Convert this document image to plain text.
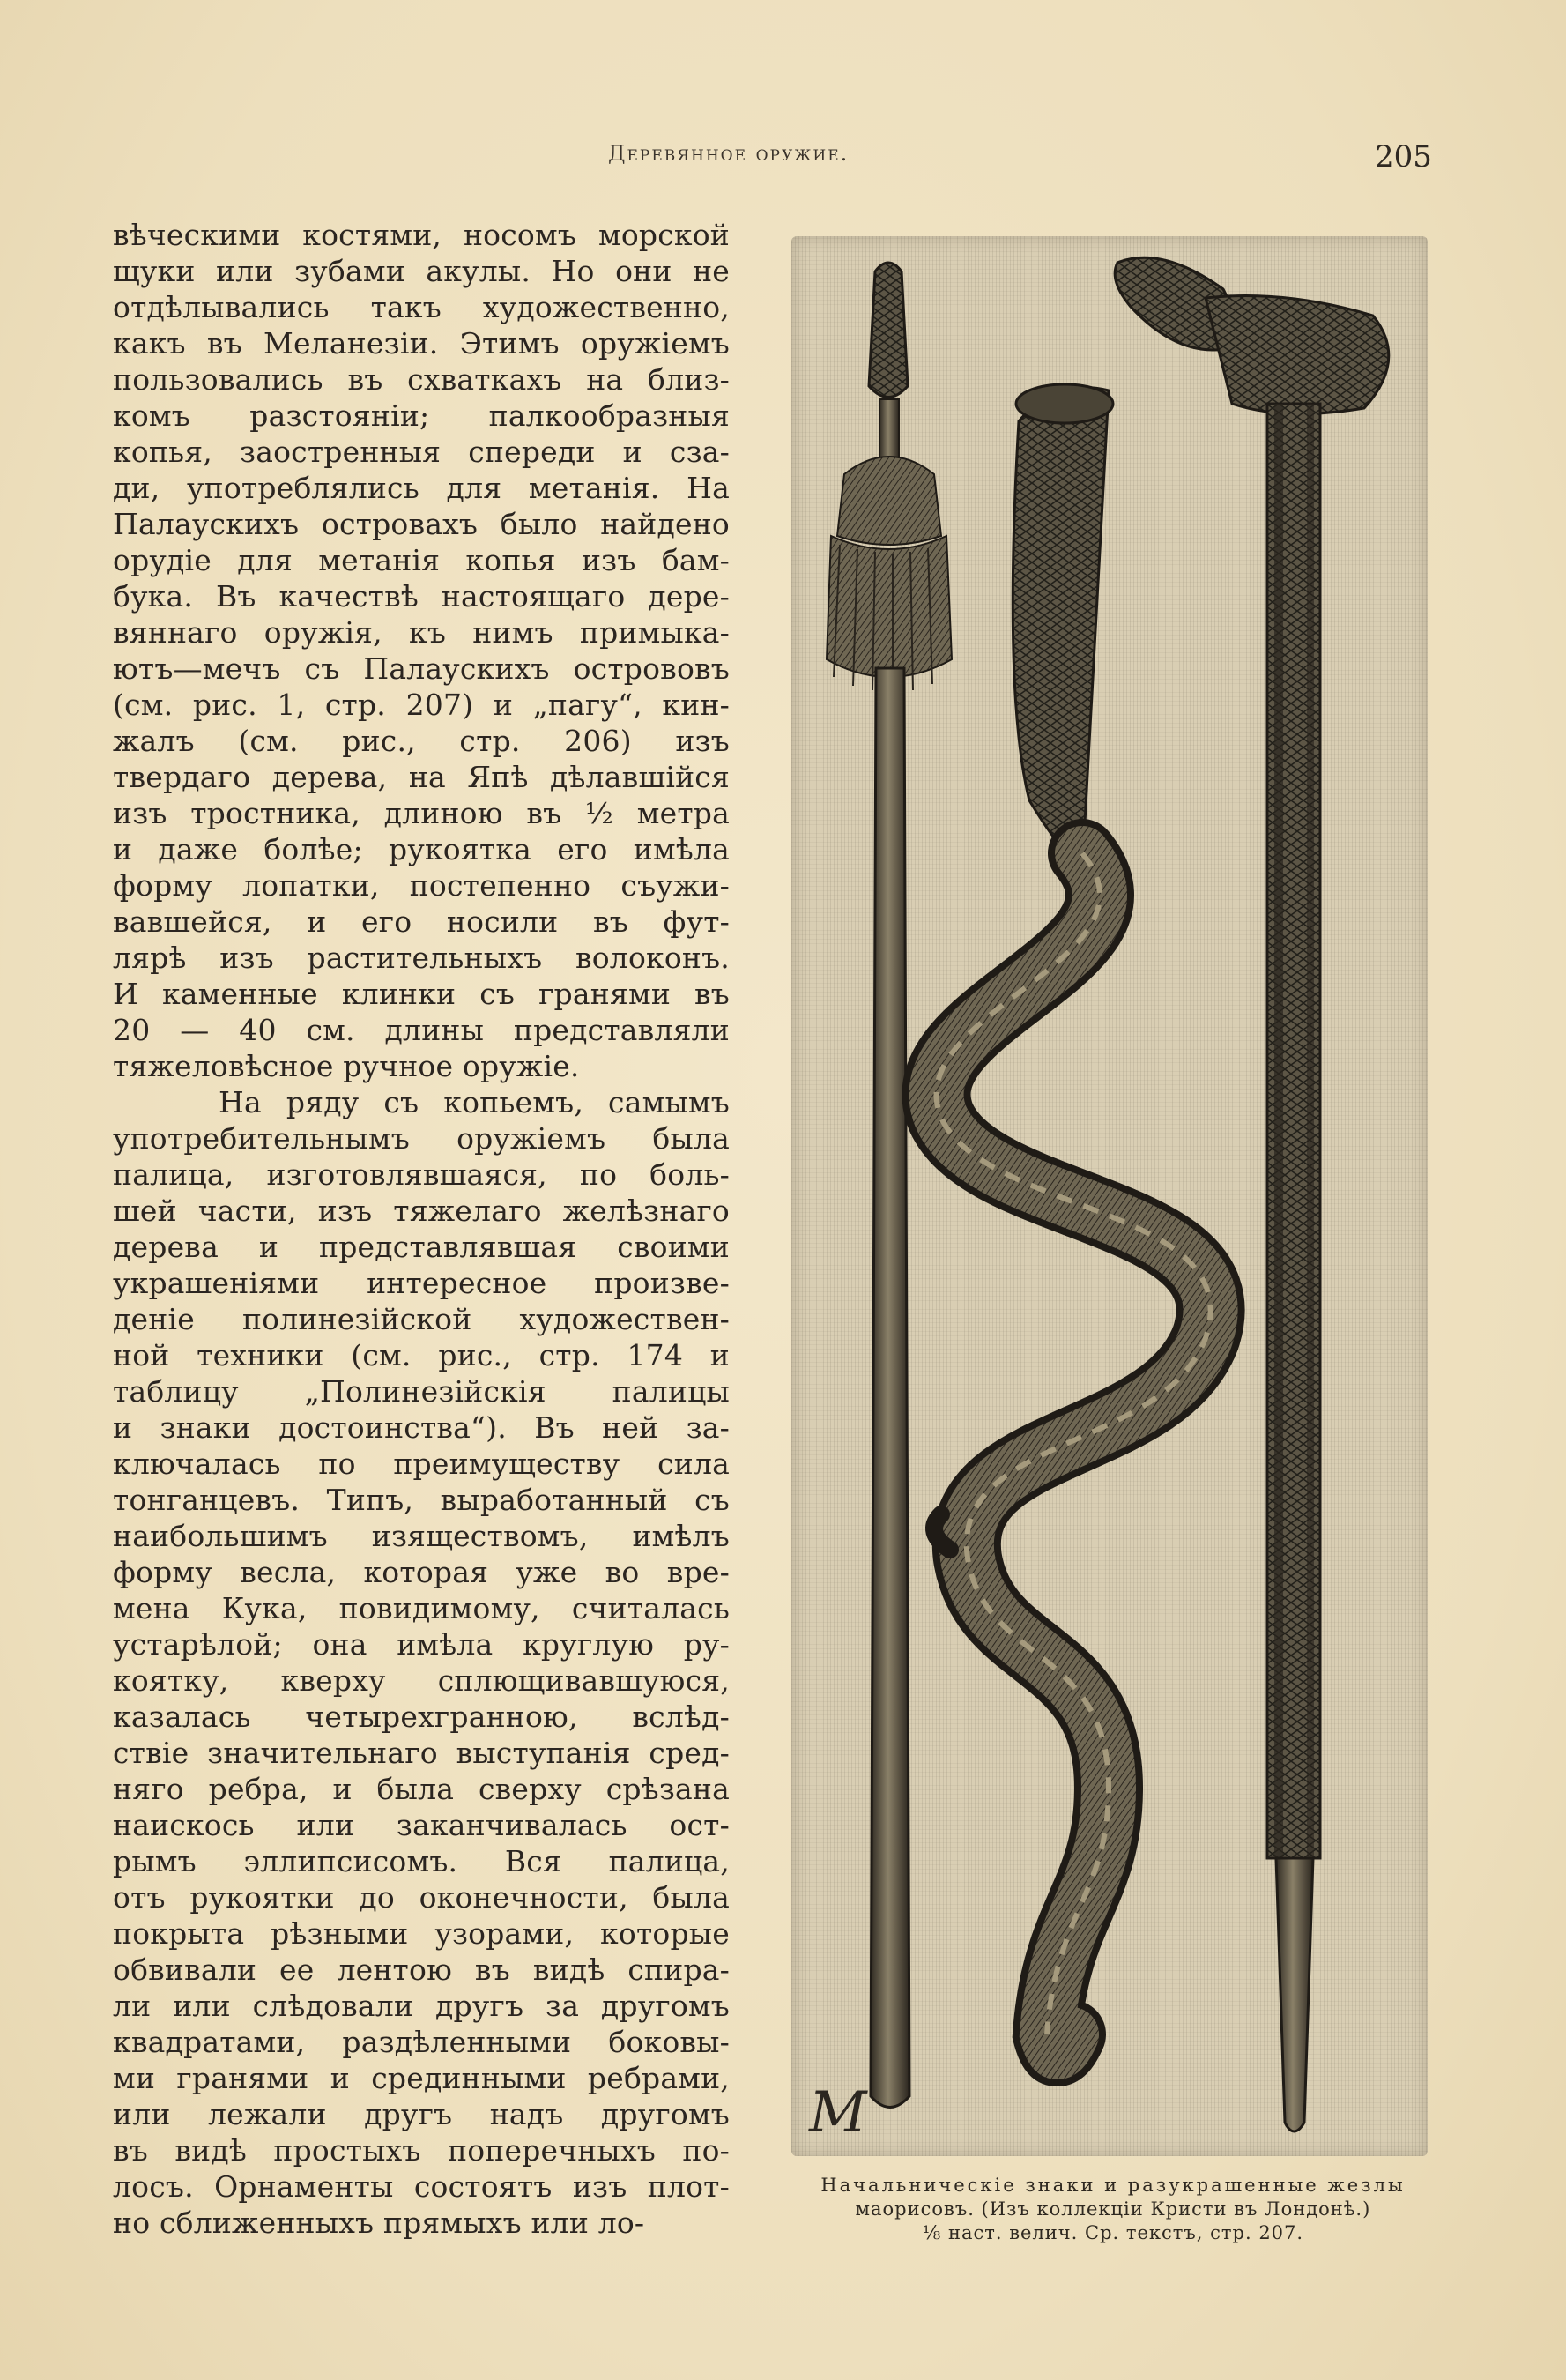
Деревянное оружие.	205
вѣческими костями, носомъ морской
щуки или зубами акулы. Но они не
отдѣлывались такъ художественно,
какъ въ Меланезіи. Этимъ оружіемъ
пользовались въ схваткахъ на близ-
комъ разстояніи; палкообразныя
копья, заостренныя спереди и сза-
ди, употреблялись для метанія. На
Палаускихъ островахъ было найдено
орудіе для метанія копья изъ бам-
бука. Въ качествѣ настоящаго дере-
вяннаго оружія, къ нимъ примыка-
ютъ—мечъ съ Палаускихъ острововъ
(см. рис. 1, стр. 207) и „пагу“, кин-
жалъ (см. рис., стр. 206) изъ
твердаго дерева, на Япѣ дѣлавшійся
изъ тростника, длиною въ ½ метра
и даже болѣе; рукоятка его имѣла
форму лопатки, постепенно съужи-
вавшейся, и его носили въ фут-
лярѣ изъ растительныхъ волоконъ.
И каменные клинки съ гранями въ
20 — 40 см. длины представляли
тяжеловѣсное ручное оружіе.
На ряду съ копьемъ, самымъ
употребительнымъ оружіемъ была
палица, изготовлявшаяся, по боль-
шей части, изъ тяжелаго желѣзнаго
дерева и представлявшая своими
украшеніями интересное произве-
деніе полинезійской художествен-
ной техники (см. рис., стр. 174 и
таблицу „Полинезійскія палицы
и знаки достоинства“). Въ ней за-
ключалась по преимуществу сила
тонганцевъ. Типъ, выработанный съ
наибольшимъ изяществомъ, имѣлъ
форму весла, которая уже во вре-
мена Кука, повидимому, считалась
устарѣлой; она имѣла круглую ру-
коятку, кверху сплющивавшуюся,
казалась четырехгранною, вслѣд-
ствіе значительнаго выступанія сред-
няго ребра, и была сверху срѣзана
наискось или заканчивалась ост-
рымъ эллипсисомъ. Вся палица,
отъ рукоятки до оконечности, была
покрыта рѣзными узорами, которые
обвивали ее лентою въ видѣ спира-
ли или слѣдовали другъ за другомъ
квадратами, раздѣленными боковы-
ми гранями и срединными ребрами,
или лежали другъ надъ другомъ
въ видѣ простыхъ поперечныхъ по-
лосъ. Орнаменты состоятъ изъ плот-
но сближенныхъ прямыхъ или ло-
M
Начальническіе знаки и разукрашенные жезлы
маорисовъ. (Изъ коллекціи Кристи въ Лондонѣ.)
⅛ наст. велич. Ср. текстъ, стр. 207.
